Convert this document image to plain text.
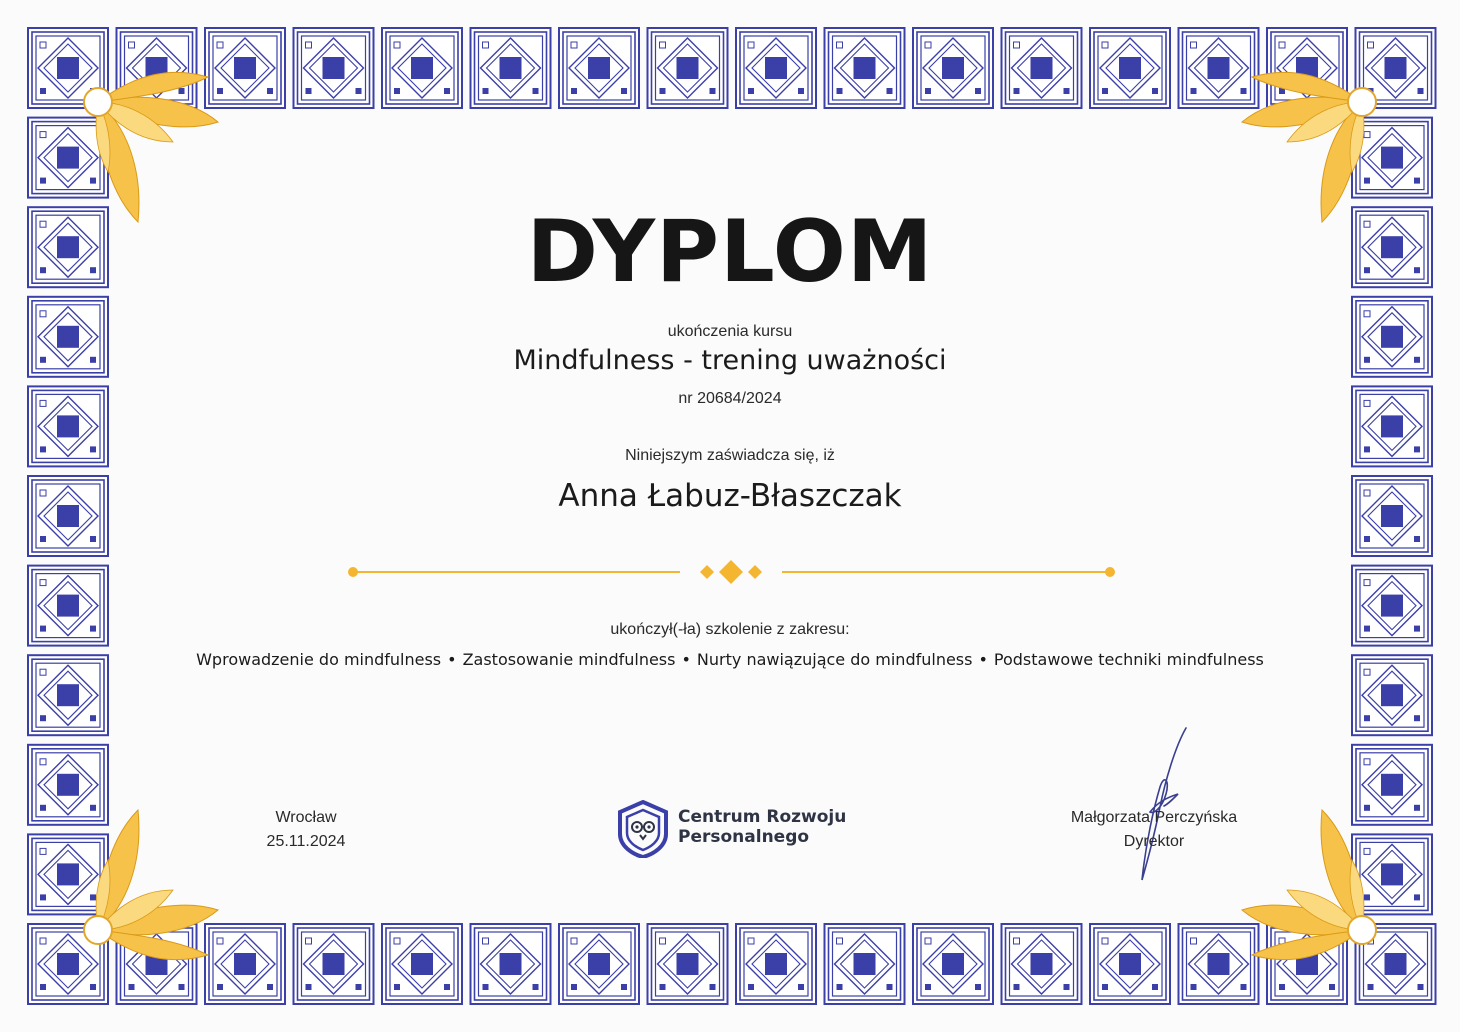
DYPLOM
ukończenia kursu
Mindfulness - trening uważności
nr 20684/2024
Niniejszym zaświadcza się, iż
Anna Łabuz-Błaszczak
ukończył(-ła) szkolenie z zakresu:
Wprowadzenie do mindfulness • Zastosowanie mindfulness • Nurty nawiązujące do mindfulness • Podstawowe techniki mindfulness
Wrocław
25.11.2024
Centrum Rozwoju
Personalnego
Małgorzata Perczyńska
Dyrektor
